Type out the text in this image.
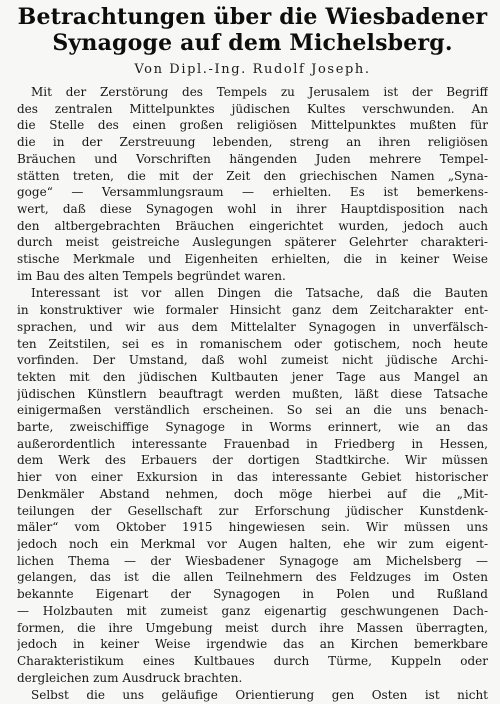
Betrachtungen über die Wiesbadener
Synagoge auf dem Michelsberg.
Von Dipl.-Ing. Rudolf Joseph.
Mit der Zerstörung des Tempels zu Jerusalem ist der Begriff
des zentralen Mittelpunktes jüdischen Kultes verschwunden. An
die Stelle des einen großen religiösen Mittelpunktes mußten für
die in der Zerstreuung lebenden, streng an ihren religiösen
Bräuchen und Vorschriften hängenden Juden mehrere Tempel-
stätten treten, die mit der Zeit den griechischen Namen „Syna-
goge“ — Versammlungsraum — erhielten. Es ist bemerkens-
wert, daß diese Synagogen wohl in ihrer Hauptdisposition nach
den altbergebrachten Bräuchen eingerichtet wurden, jedoch auch
durch meist geistreiche Auslegungen späterer Gelehrter charakteri-
stische Merkmale und Eigenheiten erhielten, die in keiner Weise
im Bau des alten Tempels begründet waren.
Interessant ist vor allen Dingen die Tatsache, daß die Bauten
in konstruktiver wie formaler Hinsicht ganz dem Zeitcharakter ent-
sprachen, und wir aus dem Mittelalter Synagogen in unverfälsch-
ten Zeitstilen, sei es in romanischem oder gotischem, noch heute
vorfinden. Der Umstand, daß wohl zumeist nicht jüdische Archi-
tekten mit den jüdischen Kultbauten jener Tage aus Mangel an
jüdischen Künstlern beauftragt werden mußten, läßt diese Tatsache
einigermaßen verständlich erscheinen. So sei an die uns benach-
barte, zweischiffige Synagoge in Worms erinnert, wie an das
außerordentlich interessante Frauenbad in Friedberg in Hessen,
dem Werk des Erbauers der dortigen Stadtkirche. Wir müssen
hier von einer Exkursion in das interessante Gebiet historischer
Denkmäler Abstand nehmen, doch möge hierbei auf die „Mit-
teilungen der Gesellschaft zur Erforschung jüdischer Kunstdenk-
mäler“ vom Oktober 1915 hingewiesen sein. Wir müssen uns
jedoch noch ein Merkmal vor Augen halten, ehe wir zum eigent-
lichen Thema — der Wiesbadener Synagoge am Michelsberg —
gelangen, das ist die allen Teilnehmern des Feldzuges im Osten
bekannte Eigenart der Synagogen in Polen und Rußland
— Holzbauten mit zumeist ganz eigenartig geschwungenen Dach-
formen, die ihre Umgebung meist durch ihre Massen überragten,
jedoch in keiner Weise irgendwie das an Kirchen bemerkbare
Charakteristikum eines Kultbaues durch Türme, Kuppeln oder
dergleichen zum Ausdruck brachten.
Selbst die uns geläufige Orientierung gen Osten ist nicht
